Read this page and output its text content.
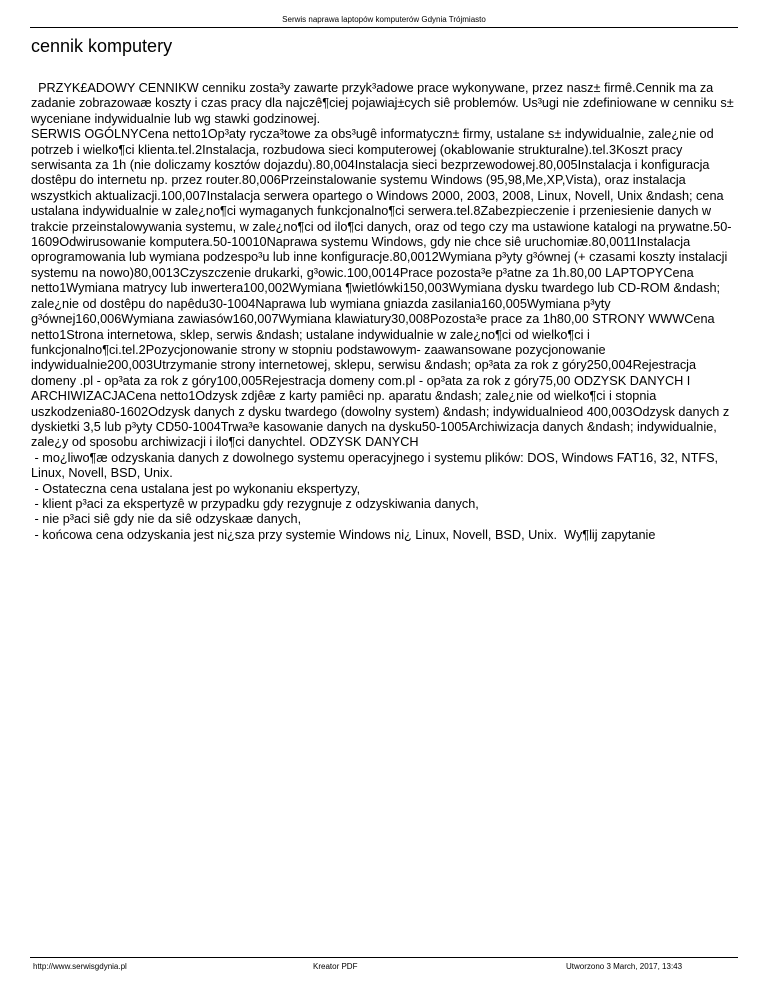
Serwis naprawa laptopów komputerów Gdynia Trójmiasto
cennik komputery

PRZYK£ADOWY CENNIKW cenniku zosta³y zawarte przyk³adowe prace wykonywane, przez nasz± firmê.Cennik ma za zadanie zobrazowaæ koszty i czas pracy dla najczê¶ciej pojawiaj±cych siê problemów. Us³ugi nie zdefiniowane w cenniku s± wyceniane indywidualnie lub wg stawki godzinowej.

SERWIS OGÓLNYCena netto1Op³aty rycza³towe za obs³ugê informatyczn± firmy, ustalane s± indywidualnie, zale¿nie od potrzeb i wielko¶ci klienta.tel.2Instalacja, rozbudowa sieci komputerowej (okablowanie strukturalne).tel.3Koszt pracy serwisanta za 1h (nie doliczamy kosztów dojazdu).80,004Instalacja sieci bezprzewodowej.80,005Instalacja i konfiguracja dostêpu do internetu np. przez router.80,006Przeinstalowanie systemu Windows (95,98,Me,XP,Vista), oraz instalacja wszystkich aktualizacji.100,007Instalacja serwera opartego o Windows 2000, 2003, 2008, Linux, Novell, Unix &ndash; cena ustalana indywidualnie w zale¿no¶ci wymaganych funkcjonalno¶ci serwera.tel.8Zabezpieczenie i przeniesienie danych w trakcie przeinstalowywania systemu, w zale¿no¶ci od ilo¶ci danych, oraz od tego czy ma ustawione katalogi na prywatne.50-1609Odwirusowanie komputera.50-10010Naprawa systemu Windows, gdy nie chce siê uruchomiæ.80,0011Instalacja oprogramowania lub wymiana podzespo³u lub inne konfiguracje.80,0012Wymiana p³yty g³ównej (+ czasami koszty instalacji systemu na nowo)80,0013Czyszczenie drukarki, g³owic.100,0014Prace pozosta³e p³atne za 1h.80,00 LAPTOPYCena netto1Wymiana matrycy lub inwertera100,002Wymiana ¶wietlówki150,003Wymiana dysku twardego lub CD-ROM &ndash; zale¿nie od dostêpu do napêdu30-1004Naprawa lub wymiana gniazda zasilania160,005Wymiana p³yty g³ównej160,006Wymiana zawiasów160,007Wymiana klawiatury30,008Pozosta³e prace za 1h80,00 STRONY WWWCena netto1Strona internetowa, sklep, serwis &ndash; ustalane indywidualnie w zale¿no¶ci od wielko¶ci i funkcjonalno¶ci.tel.2Pozycjonowanie strony w stopniu podstawowym- zaawansowane pozycjonowanie indywidualnie200,003Utrzymanie strony internetowej, sklepu, serwisu &ndash; op³ata za rok z góry250,004Rejestracja domeny .pl - op³ata za rok z góry100,005Rejestracja domeny com.pl - op³ata za rok z góry75,00 ODZYSK DANYCH I ARCHIWIZACJACena netto1Odzysk zdjêæ z karty pamiêci np. aparatu &ndash; zale¿nie od wielko¶ci i stopnia uszkodzenia80-1602Odzysk danych z dysku twardego (dowolny system) &ndash; indywidualnieod 400,003Odzysk danych z dyskietki 3,5 lub p³yty CD50-1004Trwa³e kasowanie danych na dysku50-1005Archiwizacja danych &ndash; indywidualnie, zale¿y od sposobu archiwizacji i ilo¶ci danychtel. ODZYSK DANYCH

- mo¿liwo¶æ odzyskania danych z dowolnego systemu operacyjnego i systemu plików: DOS, Windows FAT16, 32, NTFS, Linux, Novell, BSD, Unix.

- Ostateczna cena ustalana jest po wykonaniu ekspertyzy,

- klient p³aci za ekspertyzê w przypadku gdy rezygnuje z odzyskiwania danych,

- nie p³aci siê gdy nie da siê odzyskaæ danych,

- końcowa cena odzyskania jest ni¿sza przy systemie Windows ni¿ Linux, Novell, BSD, Unix.  Wy¶lij zapytanie

http://www.serwisgdynia.pl	Kreator PDF	Utworzono 3 March, 2017, 13:43
